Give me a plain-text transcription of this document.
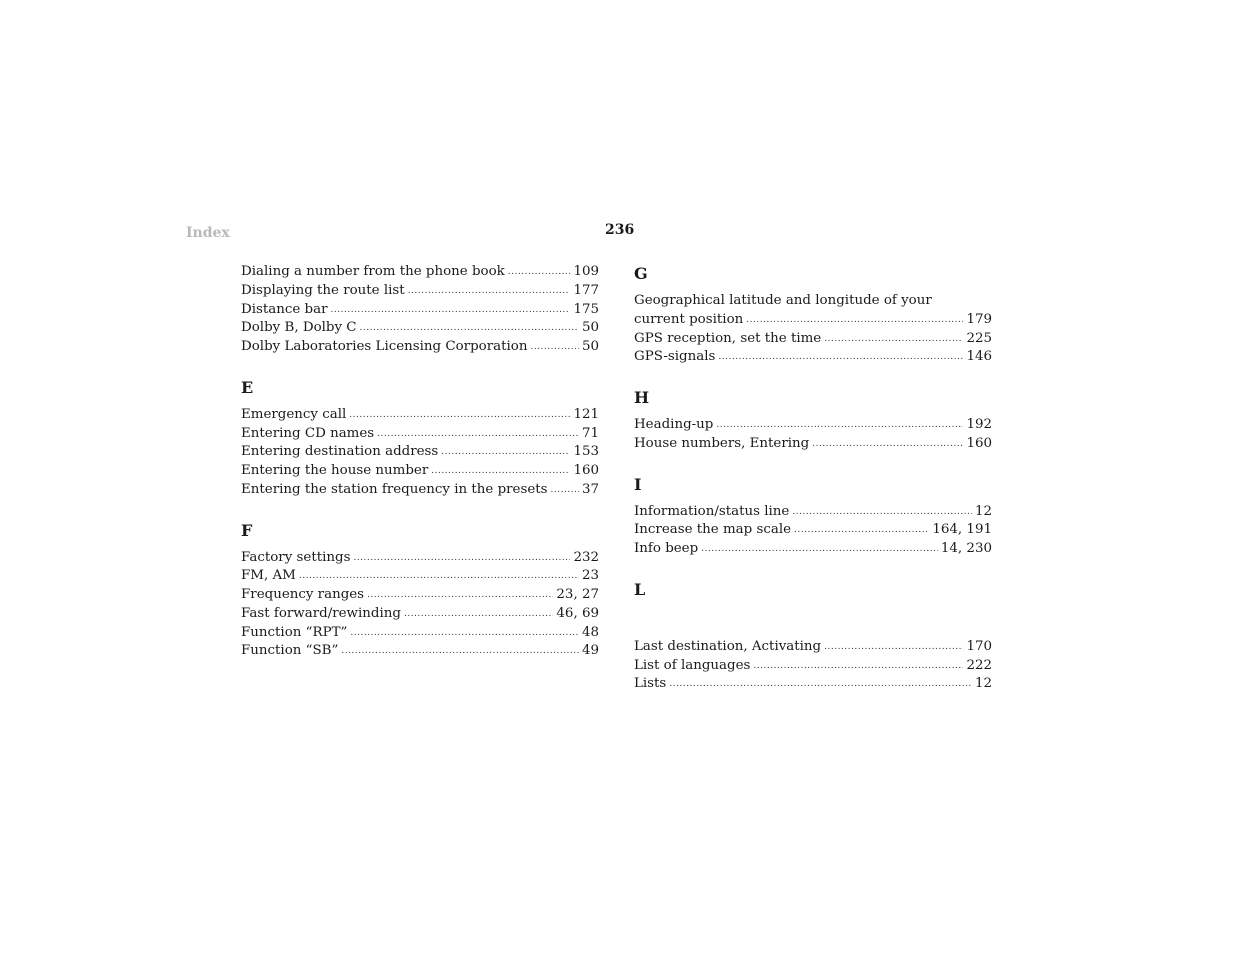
Index	236
Dialing a number from the phone book .....	109
Displaying the route list .....	177
Distance bar .....	175
Dolby B, Dolby C .....	50
Dolby Laboratories Licensing Corporation .....	50
E
Emergency call .....	121
Entering CD names .....	71
Entering destination address .....	153
Entering the house number .....	160
Entering the station frequency in the presets .....	37
F
Factory settings .....	232
FM, AM .....	23
Frequency ranges .....	23, 27
Fast forward/rewinding .....	46, 69
Function “RPT” .....	48
Function “SB” .....	49
G
Geographical latitude and longitude of your
current position .....	179
GPS reception, set the time .....	225
GPS-signals .....	146
H
Heading-up .....	192
House numbers, Entering .....	160
I
Information/status line .....	12
Increase the map scale .....	164, 191
Info beep .....	14, 230
L
Last destination, Activating .....	170
List of languages .....	222
Lists .....	12
